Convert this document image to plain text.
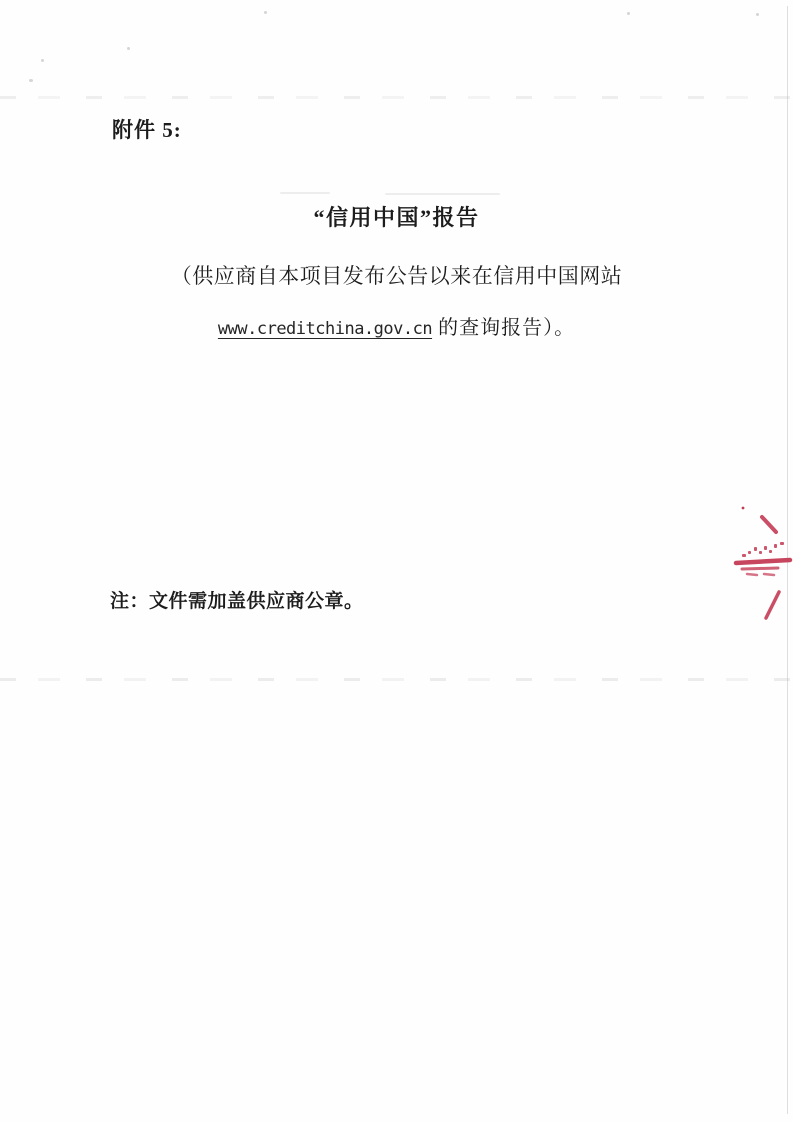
附件 5:
“信用中国”报告
（供应商自本项目发布公告以来在信用中国网站
www.creditchina.gov.cn 的查询报告）。
注：文件需加盖供应商公章。
